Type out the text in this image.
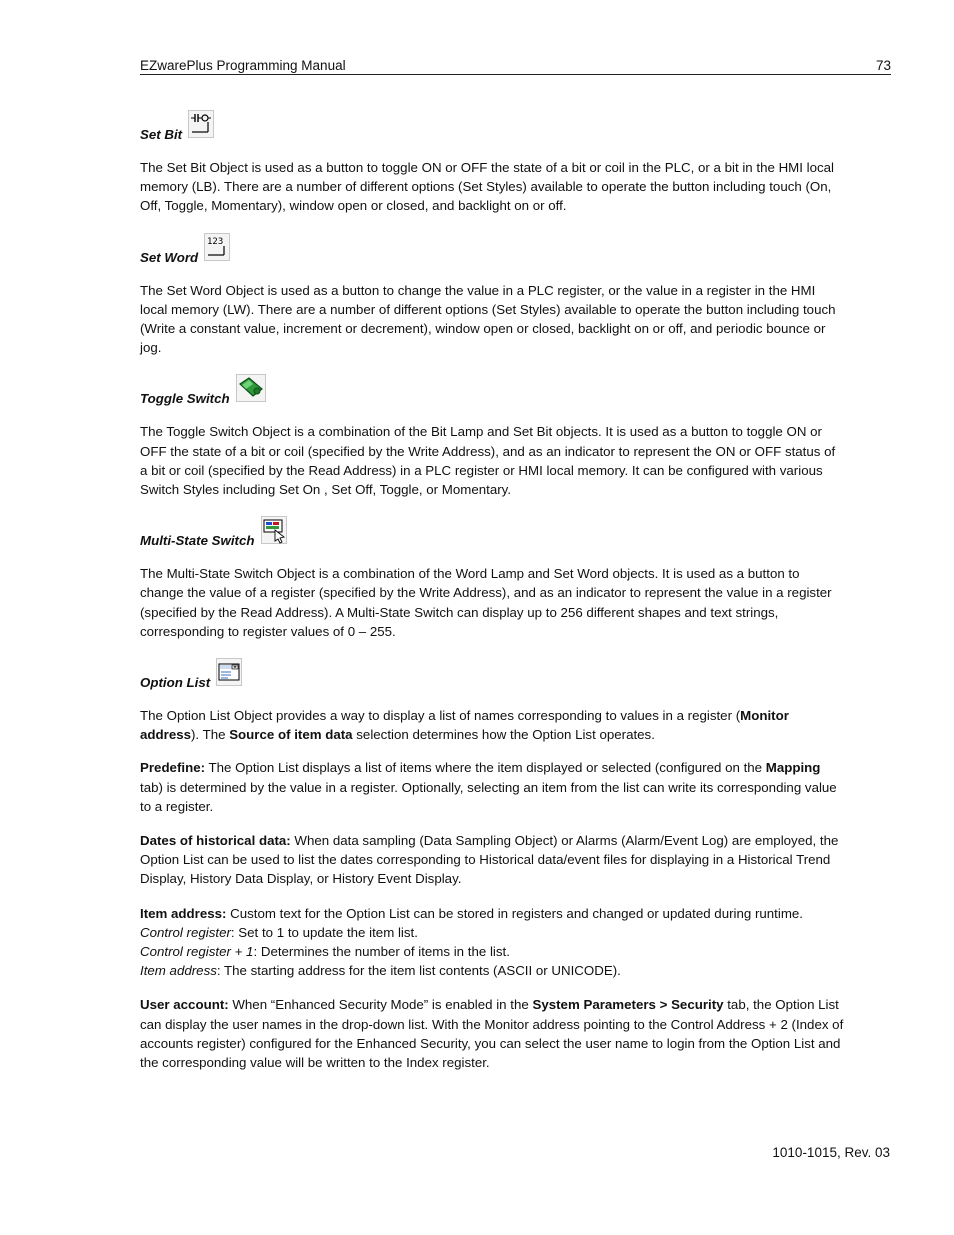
EZwarePlus Programming Manual	73
Set Bit

The Set Bit Object is used as a button to toggle ON or OFF the state of a bit or coil in the PLC, or a bit in the HMI local memory (LB). There are a number of different options (Set Styles) available to operate the button including touch (On, Off, Toggle, Momentary), window open or closed, and backlight on or off.

Set Word
123

The Set Word Object is used as a button to change the value in a PLC register, or the value in a register in the HMI local memory (LW). There are a number of different options (Set Styles) available to operate the button including touch (Write a constant value, increment or decrement), window open or closed, backlight on or off, and periodic bounce or jog.

Toggle Switch

The Toggle Switch Object is a combination of the Bit Lamp and Set Bit objects. It is used as a button to toggle ON or OFF the state of a bit or coil (specified by the Write Address), and as an indicator to represent the ON or OFF status of a bit or coil (specified by the Read Address) in a PLC register or HMI local memory. It can be configured with various Switch Styles including Set On , Set Off, Toggle, or Momentary.

Multi-State Switch

The Multi-State Switch Object is a combination of the Word Lamp and Set Word objects. It is used as a button to change the value of a register (specified by the Write Address), and as an indicator to represent the value in a register (specified by the Read Address). A Multi-State Switch can display up to 256 different shapes and text strings, corresponding to register values of 0 – 255.

Option List

The Option List Object provides a way to display a list of names corresponding to values in a register (Monitor address). The Source of item data selection determines how the Option List operates.

Predefine: The Option List displays a list of items where the item displayed or selected (configured on the Mapping tab) is determined by the value in a register. Optionally, selecting an item from the list can write its corresponding value to a register.

Dates of historical data: When data sampling (Data Sampling Object) or Alarms (Alarm/Event Log) are employed, the Option List can be used to list the dates corresponding to Historical data/event files for displaying in a Historical Trend Display, History Data Display, or History Event Display.

Item address: Custom text for the Option List can be stored in registers and changed or updated during runtime.
Control register: Set to 1 to update the item list.
Control register + 1: Determines the number of items in the list.
Item address: The starting address for the item list contents (ASCII or UNICODE).

User account: When “Enhanced Security Mode” is enabled in the System Parameters > Security tab, the Option List can display the user names in the drop-down list. With the Monitor address pointing to the Control Address + 2 (Index of accounts register) configured for the Enhanced Security, you can select the user name to login from the Option List and the corresponding value will be written to the Index register.

1010-1015, Rev. 03
